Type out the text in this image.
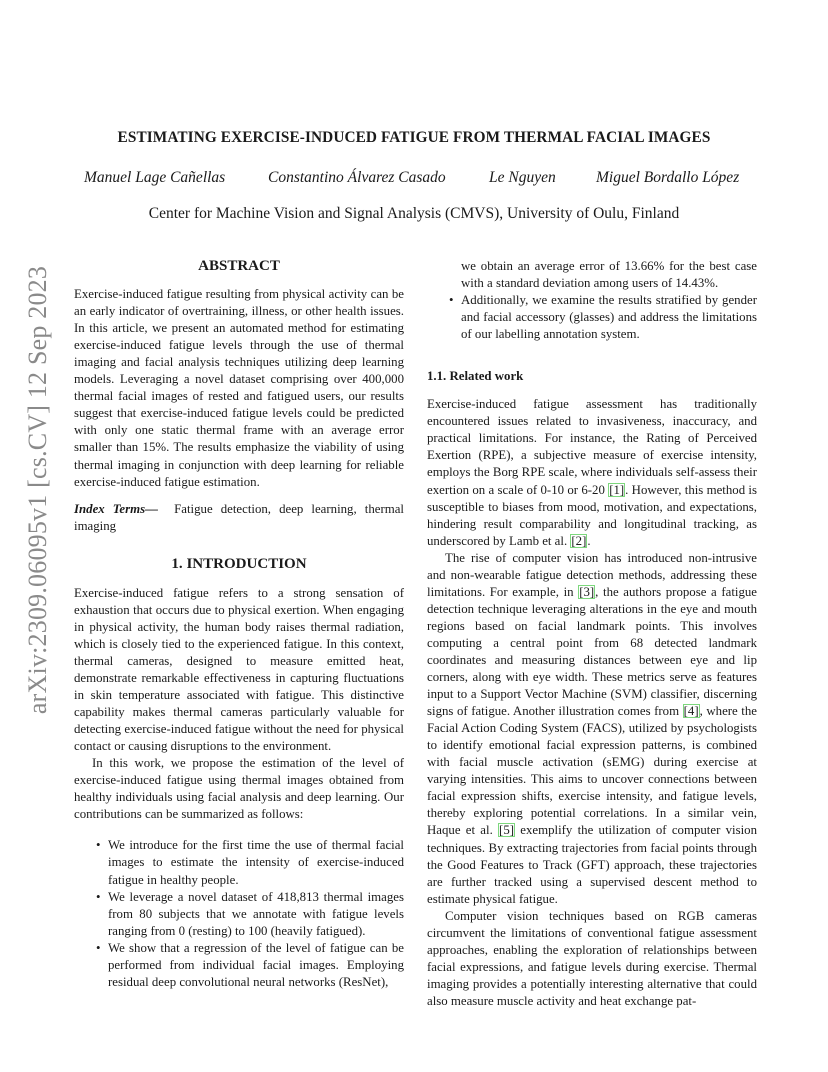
arXiv:2309.06095v1 [cs.CV] 12 Sep 2023
ESTIMATING EXERCISE-INDUCED FATIGUE FROM THERMAL FACIAL IMAGES
Manuel Lage Cañellas	Constantino Álvarez Casado	Le Nguyen	Miguel Bordallo López
Center for Machine Vision and Signal Analysis (CMVS), University of Oulu, Finland
ABSTRACT

Exercise-induced fatigue resulting from physical activity can be an early indicator of overtraining, illness, or other health issues. In this article, we present an automated method for estimating exercise-induced fatigue levels through the use of thermal imaging and facial analysis techniques utilizing deep learning models. Leveraging a novel dataset comprising over 400,000 thermal facial images of rested and fatigued users, our results suggest that exercise-induced fatigue levels could be predicted with only one static thermal frame with an average error smaller than 15%. The results emphasize the viability of using thermal imaging in conjunction with deep learning for reliable exercise-induced fatigue estimation.

Index Terms— Fatigue detection, deep learning, thermal imaging

1. INTRODUCTION

Exercise-induced fatigue refers to a strong sensation of exhaustion that occurs due to physical exertion. When engaging in physical activity, the human body raises thermal radiation, which is closely tied to the experienced fatigue. In this context, thermal cameras, designed to measure emitted heat, demonstrate remarkable effectiveness in capturing fluctuations in skin temperature associated with fatigue. This distinctive capability makes thermal cameras particularly valuable for detecting exercise-induced fatigue without the need for physical contact or causing disruptions to the environment.

In this work, we propose the estimation of the level of exercise-induced fatigue using thermal images obtained from healthy individuals using facial analysis and deep learning. Our contributions can be summarized as follows:

• We introduce for the first time the use of thermal facial images to estimate the intensity of exercise-induced fatigue in healthy people.
• We leverage a novel dataset of 418,813 thermal images from 80 subjects that we annotate with fatigue levels ranging from 0 (resting) to 100 (heavily fatigued).
• We show that a regression of the level of fatigue can be performed from individual facial images. Employing residual deep convolutional neural networks (ResNet),

we obtain an average error of 13.66% for the best case with a standard deviation among users of 14.43%.

• Additionally, we examine the results stratified by gender and facial accessory (glasses) and address the limitations of our labelling annotation system.
1.1. Related work

Exercise-induced fatigue assessment has traditionally encountered issues related to invasiveness, inaccuracy, and practical limitations. For instance, the Rating of Perceived Exertion (RPE), a subjective measure of exercise intensity, employs the Borg RPE scale, where individuals self-assess their exertion on a scale of 0-10 or 6-20 [1]. However, this method is susceptible to biases from mood, motivation, and expectations, hindering result comparability and longitudinal tracking, as underscored by Lamb et al. [2].

The rise of computer vision has introduced non-intrusive and non-wearable fatigue detection methods, addressing these limitations. For example, in [3], the authors propose a fatigue detection technique leveraging alterations in the eye and mouth regions based on facial landmark points. This involves computing a central point from 68 detected landmark coordinates and measuring distances between eye and lip corners, along with eye width. These metrics serve as features input to a Support Vector Machine (SVM) classifier, discerning signs of fatigue. Another illustration comes from [4], where the Facial Action Coding System (FACS), utilized by psychologists to identify emotional facial expression patterns, is combined with facial muscle activation (sEMG) during exercise at varying intensities. This aims to uncover connections between facial expression shifts, exercise intensity, and fatigue levels, thereby exploring potential correlations. In a similar vein, Haque et al. [5] exemplify the utilization of computer vision techniques. By extracting trajectories from facial points through the Good Features to Track (GFT) approach, these trajectories are further tracked using a supervised descent method to estimate physical fatigue.

Computer vision techniques based on RGB cameras circumvent the limitations of conventional fatigue assessment approaches, enabling the exploration of relationships between facial expressions, and fatigue levels during exercise. Thermal imaging provides a potentially interesting alternative that could also measure muscle activity and heat exchange pat-
